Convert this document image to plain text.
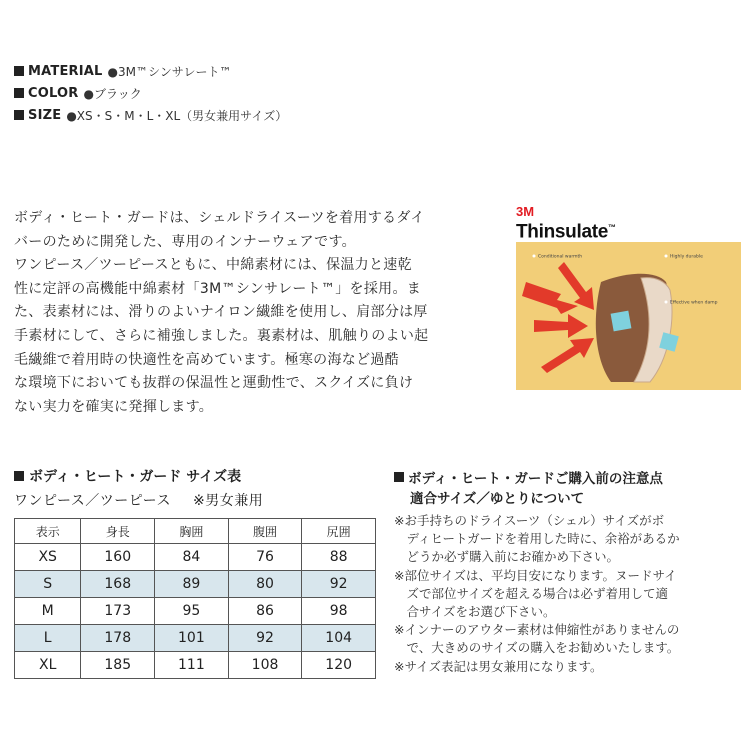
MATERIAL ●3M™シンサレート™
COLOR ●ブラック
SIZE ●XS・S・M・L・XL（男女兼用サイズ）
ボディ・ヒート・ガードは、シェルドライスーツを着用するダイ
バーのために開発した、専用のインナーウェアです。
ワンピース／ツーピースともに、中綿素材には、保温力と速乾
性に定評の高機能中綿素材「3M™シンサレート™」を採用。ま
た、表素材には、滑りのよいナイロン繊維を使用し、肩部分は厚
手素材にして、さらに補強しました。裏素材は、肌触りのよい起
毛繊維で着用時の快適性を高めています。極寒の海など過酷
な環境下においても抜群の保温性と運動性で、スクイズに負け
ない実力を確実に発揮します。
3M
Thinsulate™
Conditional warmth	Highly durable
Effective when damp
ボディ・ヒート・ガード サイズ表
ワンピース／ツーピース ※男女兼用
表示	身長	胸囲	腹囲	尻囲
XS	160	84	76	88
S	168	89	80	92
M	173	95	86	98
L	178	101	92	104
XL	185	111	108	120
ボディ・ヒート・ガードご購入前の注意点
適合サイズ／ゆとりについて
※お手持ちのドライスーツ（シェル）サイズがボ
　ディヒートガードを着用した時に、余裕があるか
　どうか必ず購入前にお確かめ下さい。
※部位サイズは、平均目安になります。ヌードサイ
　ズで部位サイズを超える場合は必ず着用して適
　合サイズをお選び下さい。
※インナーのアウター素材は伸縮性がありませんの
　で、大きめのサイズの購入をお勧めいたします。
※サイズ表記は男女兼用になります。
